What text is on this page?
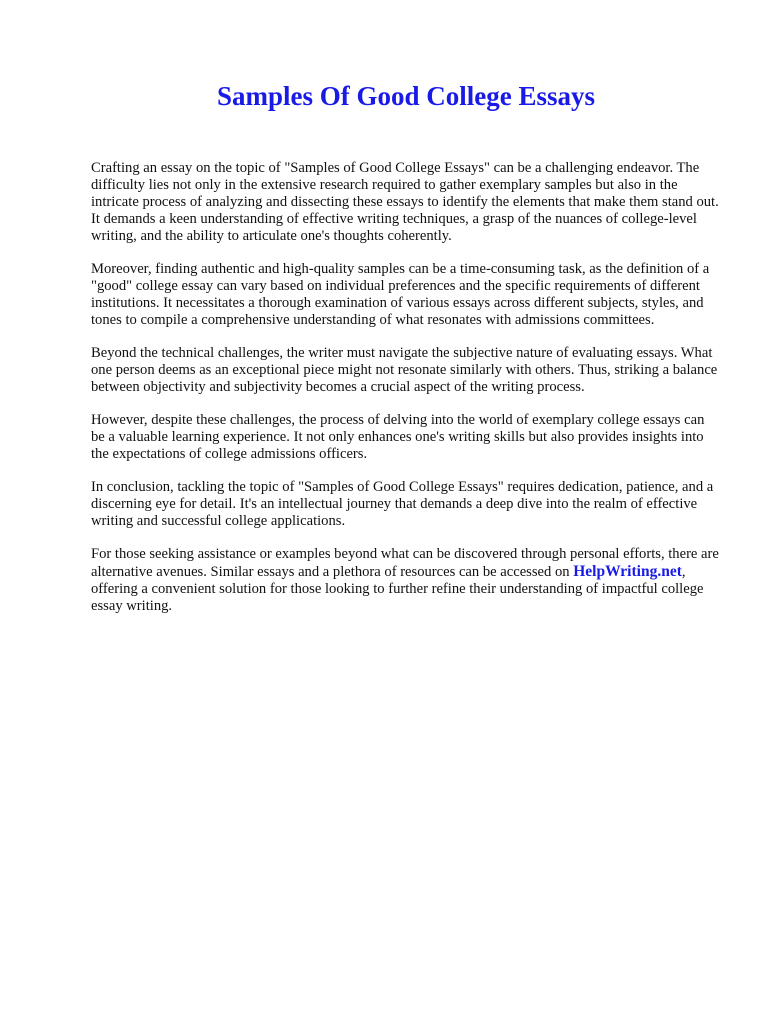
Samples Of Good College Essays

Crafting an essay on the topic of "Samples of Good College Essays" can be a challenging endeavor. The difficulty lies not only in the extensive research required to gather exemplary samples but also in the intricate process of analyzing and dissecting these essays to identify the elements that make them stand out. It demands a keen understanding of effective writing techniques, a grasp of the nuances of college-level writing, and the ability to articulate one's thoughts coherently.

Moreover, finding authentic and high-quality samples can be a time-consuming task, as the definition of a "good" college essay can vary based on individual preferences and the specific requirements of different institutions. It necessitates a thorough examination of various essays across different subjects, styles, and tones to compile a comprehensive understanding of what resonates with admissions committees.

Beyond the technical challenges, the writer must navigate the subjective nature of evaluating essays. What one person deems as an exceptional piece might not resonate similarly with others. Thus, striking a balance between objectivity and subjectivity becomes a crucial aspect of the writing process.

However, despite these challenges, the process of delving into the world of exemplary college essays can be a valuable learning experience. It not only enhances one's writing skills but also provides insights into the expectations of college admissions officers.

In conclusion, tackling the topic of "Samples of Good College Essays" requires dedication, patience, and a discerning eye for detail. It's an intellectual journey that demands a deep dive into the realm of effective writing and successful college applications.

For those seeking assistance or examples beyond what can be discovered through personal efforts, there are alternative avenues. Similar essays and a plethora of resources can be accessed on HelpWriting.net, offering a convenient solution for those looking to further refine their understanding of impactful college essay writing.
